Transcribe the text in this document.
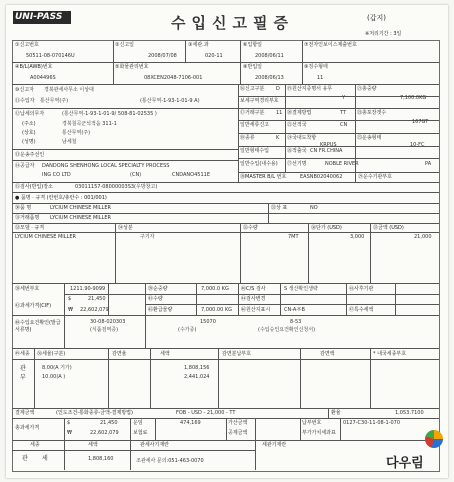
UNI-PASS	수입신고필증	(갑지)
※처리기간 : 3일
①신고번호
50511-08-070146U
②신고일
2008/07/08
③세관.과
020-11
⑥입항일
2008/06/11
⑦전자인보이스제출번호
④B/L(AWB)번호
A004496S
⑤화물관리번호
08XCEN2048-7106-001
⑧반입일
2008/06/13
⑨징수형태
11
⑩신고자 경북관세사무소 이상대
⑪수입자 통산무역(주)	(통산무역-1-93-1-01-9 A)
⑫납세의무자	(통산무역-1-93-1-01-9/ 508-81-02535 )
(주소)	경북칠곡군석적읍 311-1
(상호)	통산무역(주)
(성명)	남세철
⑬운송주선인
⑭공급자 DANDONG SHENHONG LOCAL SPECIALTY PROCESS
ING CO LTD	(CN)	CNDANO4511E
⑮검사(반입)장소	03011157-08000003S3(우방창고)
⑯신고구분 D
보세구역경리부호
⑰거래구분 11
일반세류신고
⑱종류	K
일반형태수입
일반수입(내수용)
⑲원산지증명서 유무
Y
⑳결제방법	TT
㉒선적국	CN
㉔국내도착항
KRPUS
㉖적출국 CN FR.CHINA
㉗선기명	NOBLE RIVER	PA
㉑총중량
7,100.0KG
㉓총포장갯수
167GT
㉕운송형태
10-FC
㉘MASTER B/L 번호	EASNB02040062	㉙운수기관부호
● 품명 · 규격 (란번호/총란수 : 001/001)
㉚품 명	LYCIUM CHINESE MILLER	㉜상 표	NO
㉛거래품명 LYCIUM CHINESE MILLER
㉝모델 · 규격	㉞성분	㉟수량	㊱단가 (USD)	㊲금액 (USD)
LYCIUM CHINESE MILLER	구기자	7MT	3,000	21,000
㊳세번부호	1211.90-9099	㊴순중량	7,000.0 KG ㊵C/S 검사	S 생산확인생략	㊶사후기관
㊷과세가격(CIF)
$	21,450
₩ 22,602,079
㊸수량	㊹검사변경
㊺환급물량	7,000.00 KG ㊻원산지표시	CN-A-Y-B	㊼특수세액
㊽수입요건확인(발급서류명)
30-08-020303
(식품검역증)
15070
(수가증)
8-53
(수입승인요건확인신청서)
㊾세종 ㊿세율(구분)	감면율	세액	감면분납부호	감면액	* 내국세종부호
관	8.00(A 기가)	1,808,156
부	10.00(A )	2,441,024
결제금액	(인도조건-통화종류-금액-결제방법)	FOB - USD - 21,000 - TT	환율	1,053.7100
총과세가격
$	21,450
₩	22,602,079
운임	474,169
보험료
가산금액
공제금액
납부번호	0127-C30-11-08-1-070
부가가치세과표
세종	세액	관세사기재란	세관기재란
관 세	1,808,160	조관세사 문의:051-463-0070	다우림
